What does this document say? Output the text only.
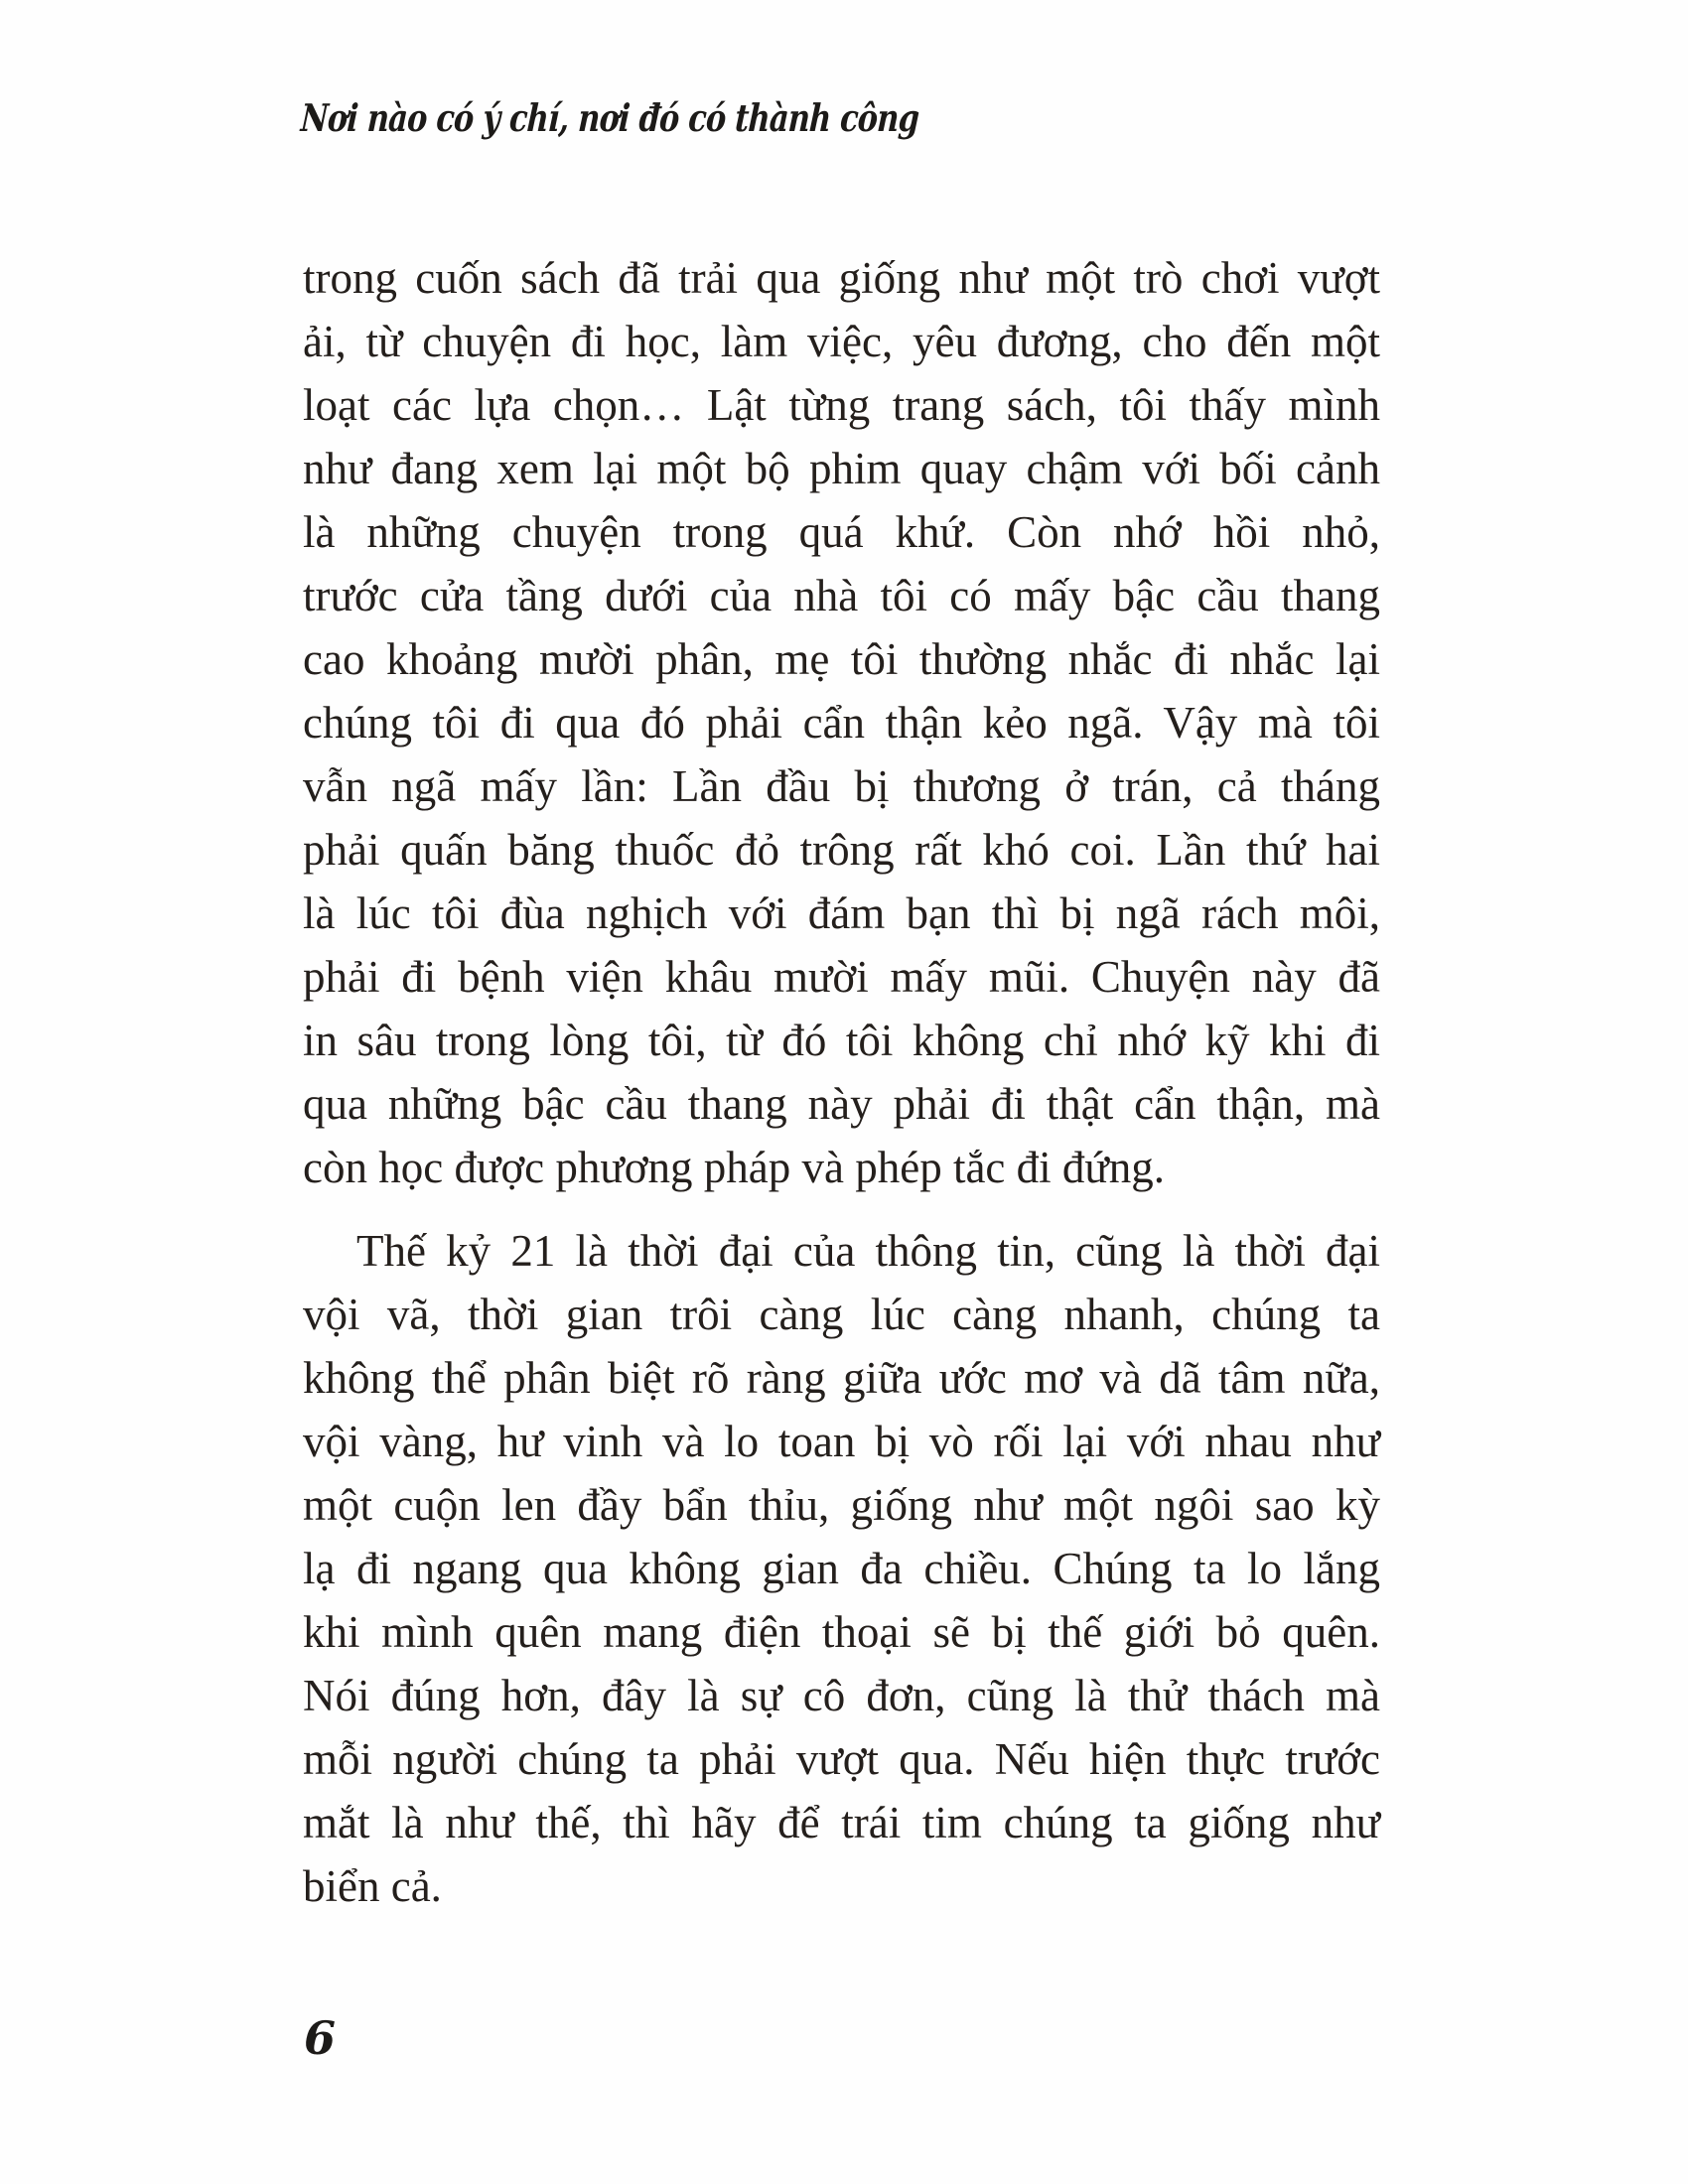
Nơi nào có ý chí, nơi đó có thành công
trong cuốn sách đã trải qua giống như một trò chơi vượt
ải, từ chuyện đi học, làm việc, yêu đương, cho đến một
loạt các lựa chọn… Lật từng trang sách, tôi thấy mình
như đang xem lại một bộ phim quay chậm với bối cảnh
là những chuyện trong quá khứ. Còn nhớ hồi nhỏ,
trước cửa tầng dưới của nhà tôi có mấy bậc cầu thang
cao khoảng mười phân, mẹ tôi thường nhắc đi nhắc lại
chúng tôi đi qua đó phải cẩn thận kẻo ngã. Vậy mà tôi
vẫn ngã mấy lần: Lần đầu bị thương ở trán, cả tháng
phải quấn băng thuốc đỏ trông rất khó coi. Lần thứ hai
là lúc tôi đùa nghịch với đám bạn thì bị ngã rách môi,
phải đi bệnh viện khâu mười mấy mũi. Chuyện này đã
in sâu trong lòng tôi, từ đó tôi không chỉ nhớ kỹ khi đi
qua những bậc cầu thang này phải đi thật cẩn thận, mà
còn học được phương pháp và phép tắc đi đứng.
Thế kỷ 21 là thời đại của thông tin, cũng là thời đại
vội vã, thời gian trôi càng lúc càng nhanh, chúng ta
không thể phân biệt rõ ràng giữa ước mơ và dã tâm nữa,
vội vàng, hư vinh và lo toan bị vò rối lại với nhau như
một cuộn len đầy bẩn thỉu, giống như một ngôi sao kỳ
lạ đi ngang qua không gian đa chiều. Chúng ta lo lắng
khi mình quên mang điện thoại sẽ bị thế giới bỏ quên.
Nói đúng hơn, đây là sự cô đơn, cũng là thử thách mà
mỗi người chúng ta phải vượt qua. Nếu hiện thực trước
mắt là như thế, thì hãy để trái tim chúng ta giống như
biển cả.
6
